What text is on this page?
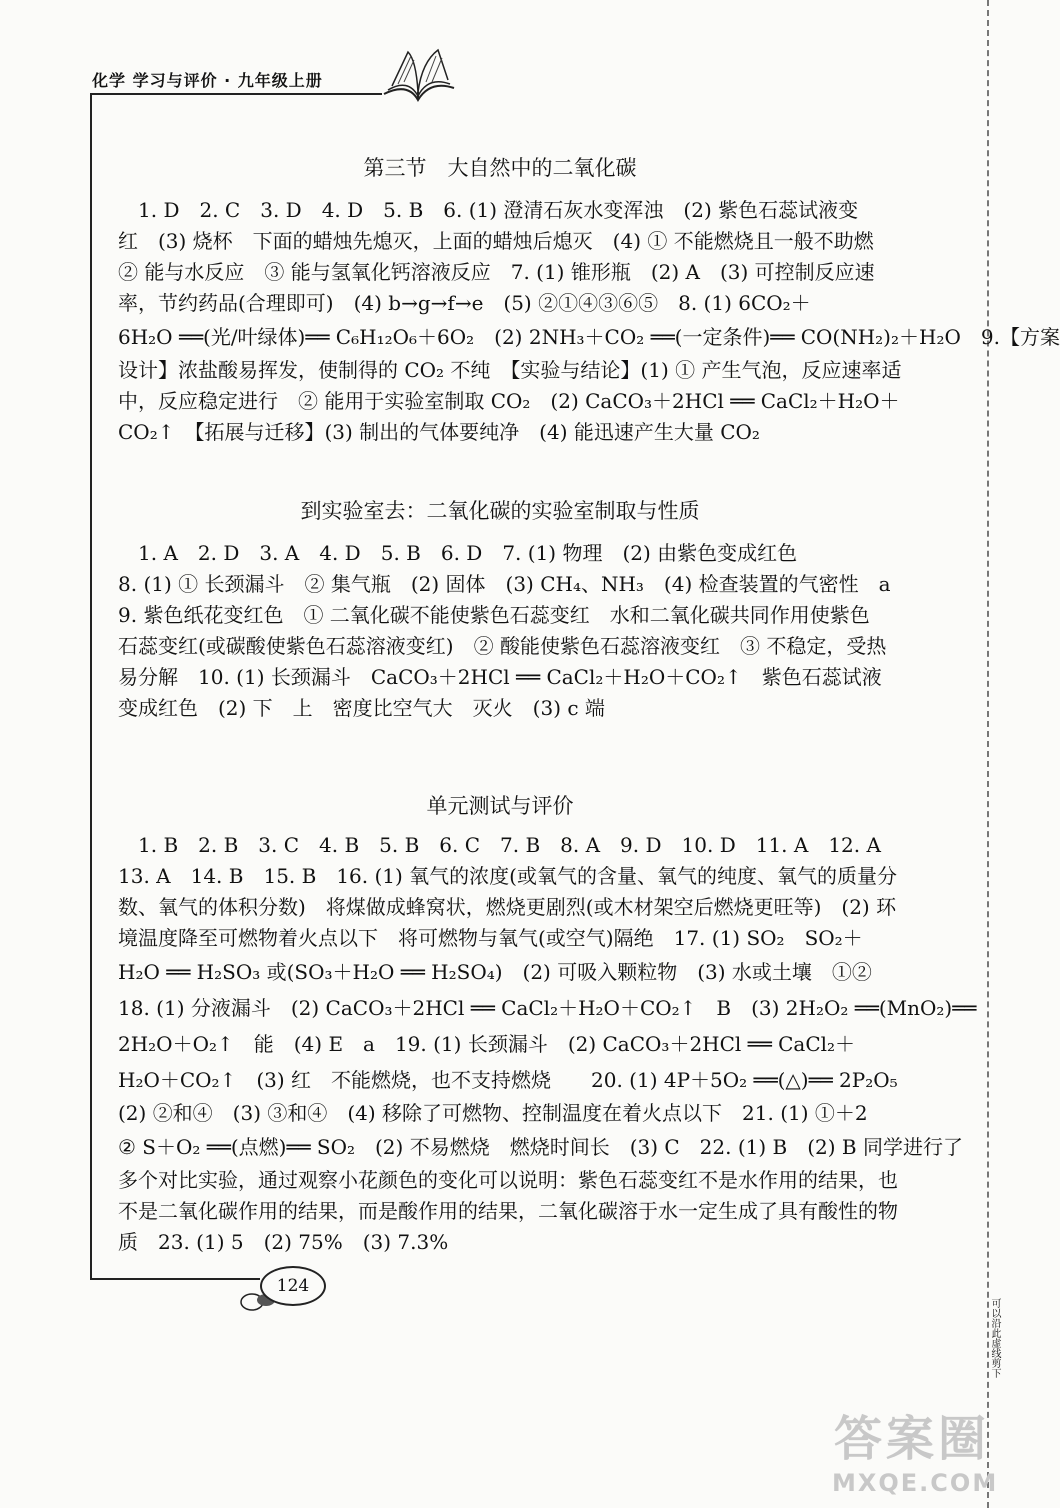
化学 学习与评价 · 九年级上册
第三节　大自然中的二氧化碳
　1. D　2. C　3. D　4. D　5. B　6. (1) 澄清石灰水变浑浊　(2) 紫色石蕊试液变
红　(3) 烧杯　下面的蜡烛先熄灭，上面的蜡烛后熄灭　(4) ① 不能燃烧且一般不助燃
② 能与水反应　③ 能与氢氧化钙溶液反应　7. (1) 锥形瓶　(2) A　(3) 可控制反应速
率，节约药品(合理即可)　(4) b→g→f→e　(5) ②①④③⑥⑤　8. (1) 6CO₂＋
6H₂O ══(光/叶绿体)══ C₆H₁₂O₆＋6O₂　(2) 2NH₃＋CO₂ ══(一定条件)══ CO(NH₂)₂＋H₂O　9.【方案
设计】浓盐酸易挥发，使制得的 CO₂ 不纯　【实验与结论】(1) ① 产生气泡，反应速率适
中，反应稳定进行　② 能用于实验室制取 CO₂　(2) CaCO₃＋2HCl ══ CaCl₂＋H₂O＋
CO₂↑　【拓展与迁移】(3) 制出的气体要纯净　(4) 能迅速产生大量 CO₂
到实验室去：二氧化碳的实验室制取与性质
　1. A　2. D　3. A　4. D　5. B　6. D　7. (1) 物理　(2) 由紫色变成红色
8. (1) ① 长颈漏斗　② 集气瓶　(2) 固体　(3) CH₄、NH₃　(4) 检查装置的气密性　a
9. 紫色纸花变红色　① 二氧化碳不能使紫色石蕊变红　水和二氧化碳共同作用使紫色
石蕊变红(或碳酸使紫色石蕊溶液变红)　② 酸能使紫色石蕊溶液变红　③ 不稳定，受热
易分解　10. (1) 长颈漏斗　CaCO₃＋2HCl ══ CaCl₂＋H₂O＋CO₂↑　紫色石蕊试液
变成红色　(2) 下　上　密度比空气大　灭火　(3) c 端
单元测试与评价
　1. B　2. B　3. C　4. B　5. B　6. C　7. B　8. A　9. D　10. D　11. A　12. A
13. A　14. B　15. B　16. (1) 氧气的浓度(或氧气的含量、氧气的纯度、氧气的质量分
数、氧气的体积分数)　将煤做成蜂窝状，燃烧更剧烈(或木材架空后燃烧更旺等)　(2) 环
境温度降至可燃物着火点以下　将可燃物与氧气(或空气)隔绝　17. (1) SO₂　SO₂＋
H₂O ══ H₂SO₃ 或(SO₃＋H₂O ══ H₂SO₄)　(2) 可吸入颗粒物　(3) 水或土壤　①②
18. (1) 分液漏斗　(2) CaCO₃＋2HCl ══ CaCl₂＋H₂O＋CO₂↑　B　(3) 2H₂O₂ ══(MnO₂)══
2H₂O＋O₂↑　能　(4) E　a　19. (1) 长颈漏斗　(2) CaCO₃＋2HCl ══ CaCl₂＋
H₂O＋CO₂↑　(3) 红　不能燃烧，也不支持燃烧　　20. (1) 4P＋5O₂ ══(△)══ 2P₂O₅
(2) ②和④　(3) ③和④　(4) 移除了可燃物、控制温度在着火点以下　21. (1) ①＋2
② S＋O₂ ══(点燃)══ SO₂　(2) 不易燃烧　燃烧时间长　(3) C　22. (1) B　(2) B 同学进行了
多个对比实验，通过观察小花颜色的变化可以说明：紫色石蕊变红不是水作用的结果，也
不是二氧化碳作用的结果，而是酸作用的结果，二氧化碳溶于水一定生成了具有酸性的物
质　23. (1) 5　(2) 75%　(3) 7.3%
124
可以沿此虚线剪下
答案圈
MXQE.COM
